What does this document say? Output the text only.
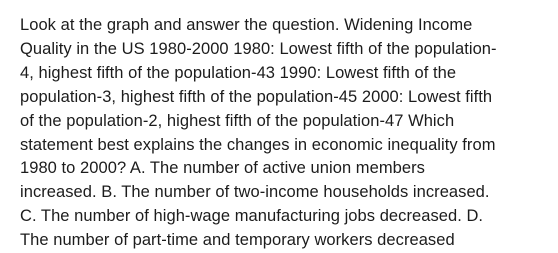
Look at the graph and answer the question. Widening Income
Quality in the US 1980-2000 1980: Lowest fifth of the population-
4, highest fifth of the population-43 1990: Lowest fifth of the
population-3, highest fifth of the population-45 2000: Lowest fifth
of the population-2, highest fifth of the population-47 Which
statement best explains the changes in economic inequality from
1980 to 2000? A. The number of active union members
increased. B. The number of two-income households increased.
C. The number of high-wage manufacturing jobs decreased. D.
The number of part-time and temporary workers decreased
